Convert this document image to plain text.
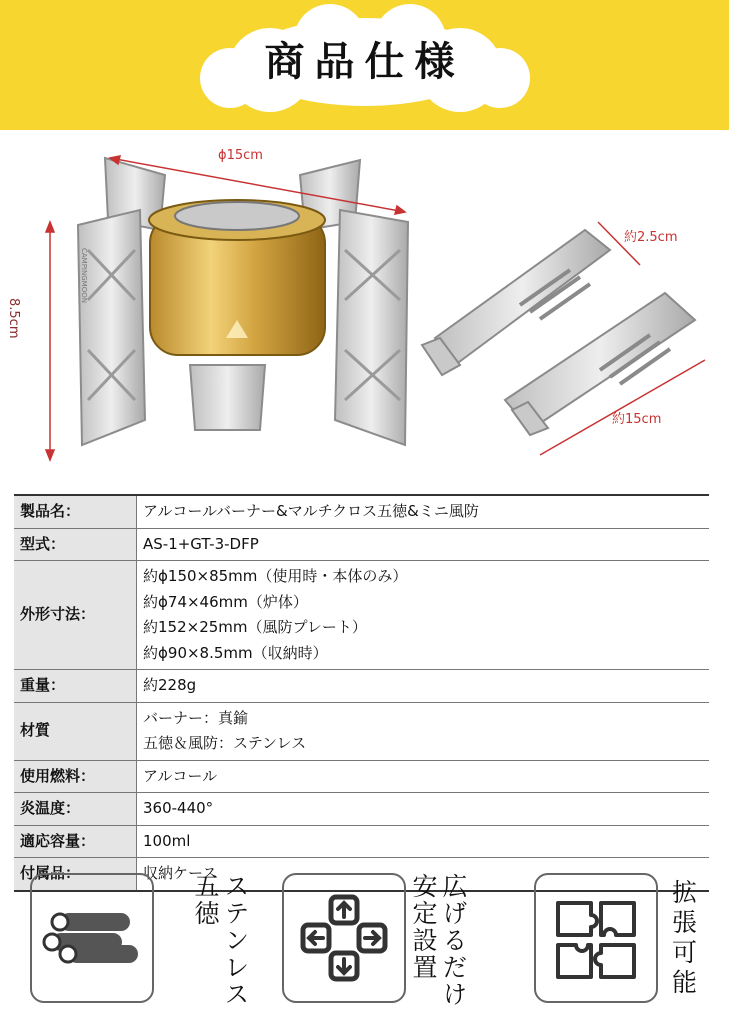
商品仕様
CAMPINGMOON
ϕ15cm
8.5cm
約2.5cm
約15cm
製品名：	アルコールバーナー&マルチクロス五徳&ミニ風防

型式：	AS-1+GT-3-DFP

外形寸法：	約ϕ150×85mm（使用時・本体のみ）
約ϕ74×46mm（炉体）
約152×25mm（風防プレート）
約ϕ90×8.5mm（収納時）

重量：	約228g

材質	バーナー：真鍮
五徳＆風防：ステンレス

使用燃料：	アルコール

炎温度：	360-440°

適応容量：	100ml

付属品：	収納ケース ステンレス
五徳	広げるだけ
安定設置	拡
張
可
能
